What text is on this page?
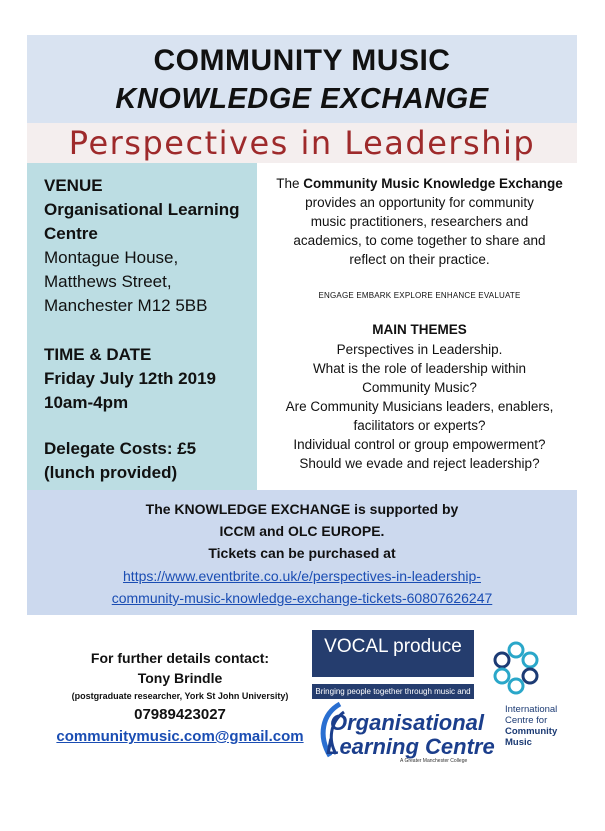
COMMUNITY MUSIC
KNOWLEDGE EXCHANGE
Perspectives in Leadership
VENUE
Organisational Learning
Centre
Montague House,
Matthews Street,
Manchester M12 5BB
TIME & DATE
Friday July 12th 2019
10am-4pm
Delegate Costs: £5
(lunch provided)
The Community Music Knowledge Exchange
provides an opportunity for community
music practitioners, researchers and
academics, to come together to share and
reflect on their practice.
ENGAGE EMBARK EXPLORE ENHANCE EVALUATE
MAIN THEMES
Perspectives in Leadership.
What is the role of leadership within
Community Music?
Are Community Musicians leaders, enablers,
facilitators or experts?
Individual control or group empowerment?
Should we evade and reject leadership?
The KNOWLEDGE EXCHANGE is supported by
ICCM and OLC EUROPE.
Tickets can be purchased at
https://www.eventbrite.co.uk/e/perspectives-in-leadership-
community-music-knowledge-exchange-tickets-60807626247
For further details contact:
Tony Brindle
(postgraduate researcher, York St John University)
07989423027
communitymusic.com@gmail.com
VOCAL produce
Bringing people together through music and song
Organisational
Learning Centre
A Greater Manchester College
International
Centre for
Community
Music
